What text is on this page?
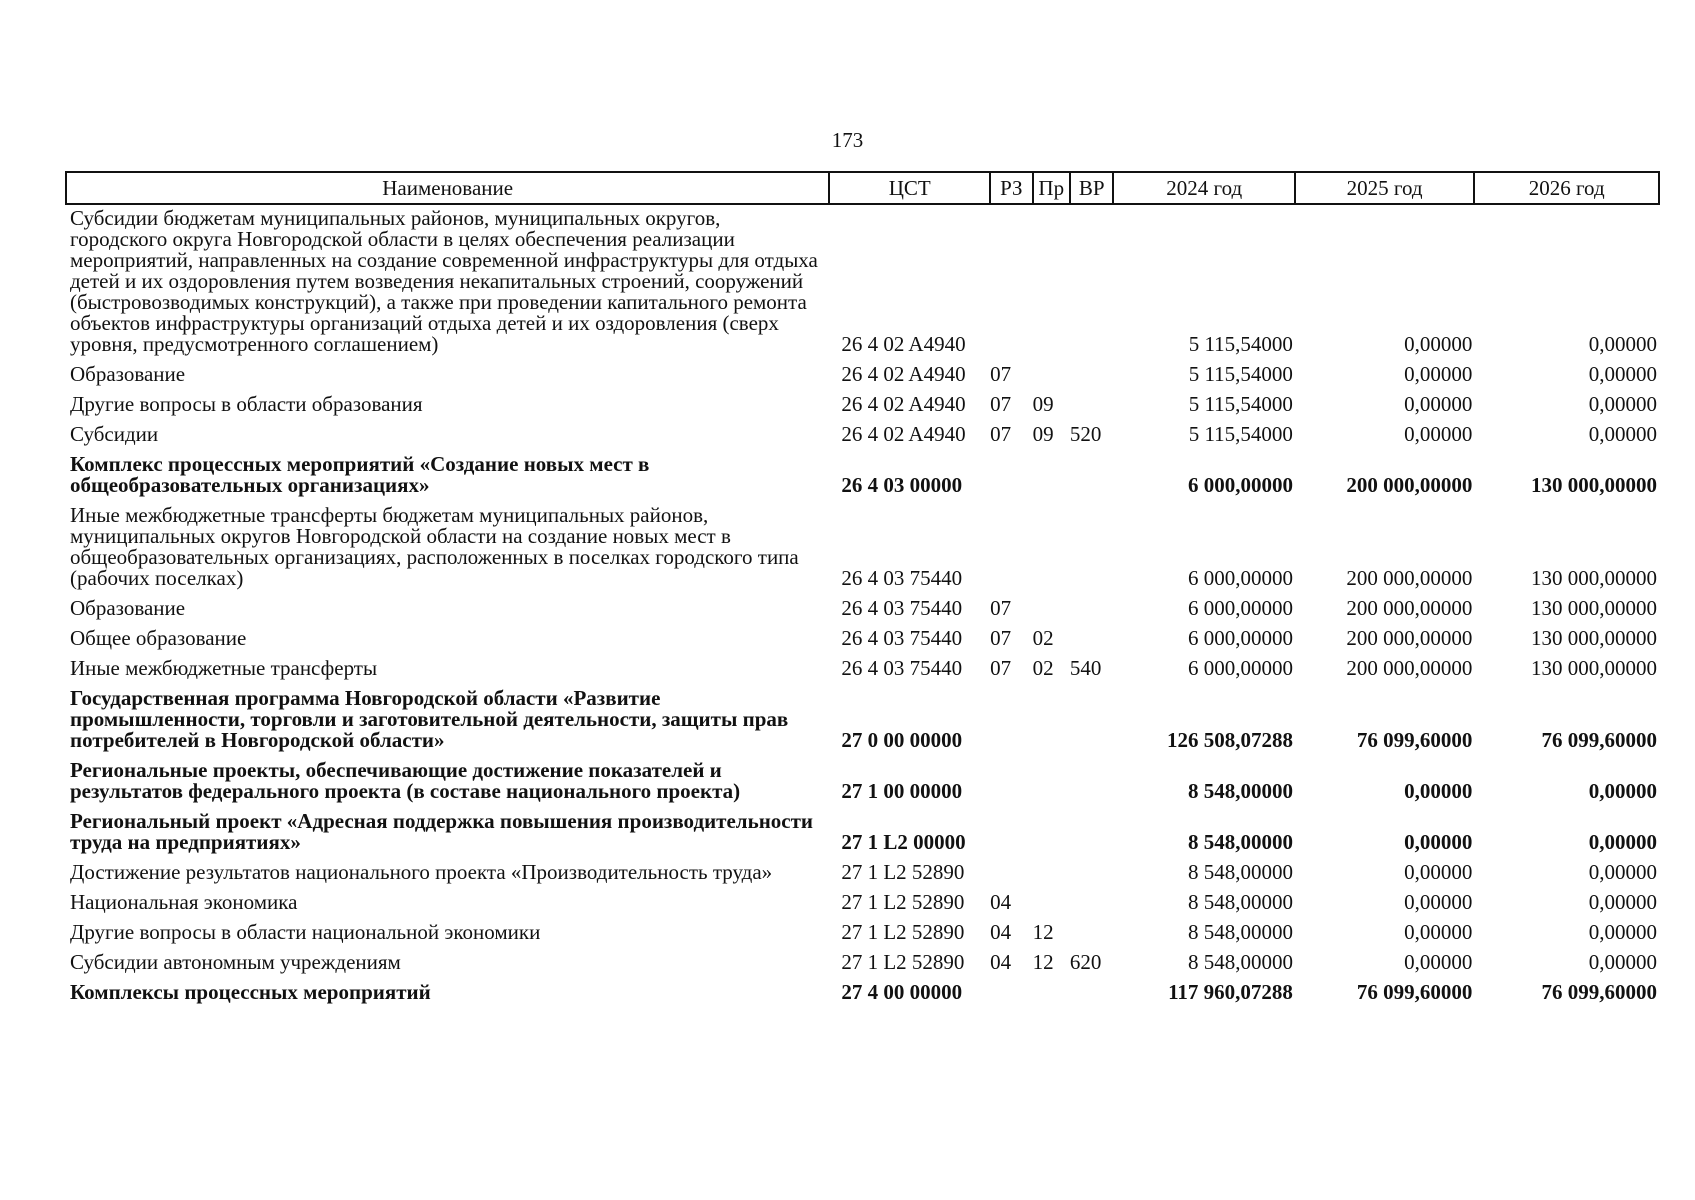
173
Наименование	ЦСТ	РЗ	Пр	ВР	2024 год	2025 год	2026 год
Субсидии бюджетам муниципальных районов, муниципальных округов, городского округа Новгородской области в целях обеспечения реализации мероприятий, направленных на создание современной инфраструктуры для отдыха детей и их оздоровления путем возведения некапитальных строений, сооружений (быстровозводимых конструкций), а также при проведении капитального ремонта объектов инфраструктуры организаций отдыха детей и их оздоровления (сверх уровня, предусмотренного соглашением)	26 4 02 A4940				5 115,54000	0,00000	0,00000
Образование	26 4 02 A4940	07			5 115,54000	0,00000	0,00000
Другие вопросы в области образования	26 4 02 A4940	07	09		5 115,54000	0,00000	0,00000
Субсидии	26 4 02 A4940	07	09	520	5 115,54000	0,00000	0,00000
Комплекс процессных мероприятий «Создание новых мест в общеобразовательных организациях»	26 4 03 00000				6 000,00000	200 000,00000	130 000,00000
Иные межбюджетные трансферты бюджетам муниципальных районов, муниципальных округов Новгородской области на создание новых мест в общеобразовательных организациях, расположенных в поселках городского типа (рабочих поселках)	26 4 03 75440				6 000,00000	200 000,00000	130 000,00000
Образование	26 4 03 75440	07			6 000,00000	200 000,00000	130 000,00000
Общее образование	26 4 03 75440	07	02		6 000,00000	200 000,00000	130 000,00000
Иные межбюджетные трансферты	26 4 03 75440	07	02	540	6 000,00000	200 000,00000	130 000,00000
Государственная программа Новгородской области «Развитие промышленности, торговли и заготовительной деятельности, защиты прав потребителей в Новгородской области»	27 0 00 00000				126 508,07288	76 099,60000	76 099,60000
Региональные проекты, обеспечивающие достижение показателей и результатов федерального проекта (в составе национального проекта)	27 1 00 00000				8 548,00000	0,00000	0,00000
Региональный проект «Адресная поддержка повышения производительности труда на предприятиях»	27 1 L2 00000				8 548,00000	0,00000	0,00000
Достижение результатов национального проекта «Производительность труда»	27 1 L2 52890				8 548,00000	0,00000	0,00000
Национальная экономика	27 1 L2 52890	04			8 548,00000	0,00000	0,00000
Другие вопросы в области национальной экономики	27 1 L2 52890	04	12		8 548,00000	0,00000	0,00000
Субсидии автономным учреждениям	27 1 L2 52890	04	12	620	8 548,00000	0,00000	0,00000
Комплексы процессных мероприятий	27 4 00 00000				117 960,07288	76 099,60000	76 099,60000
